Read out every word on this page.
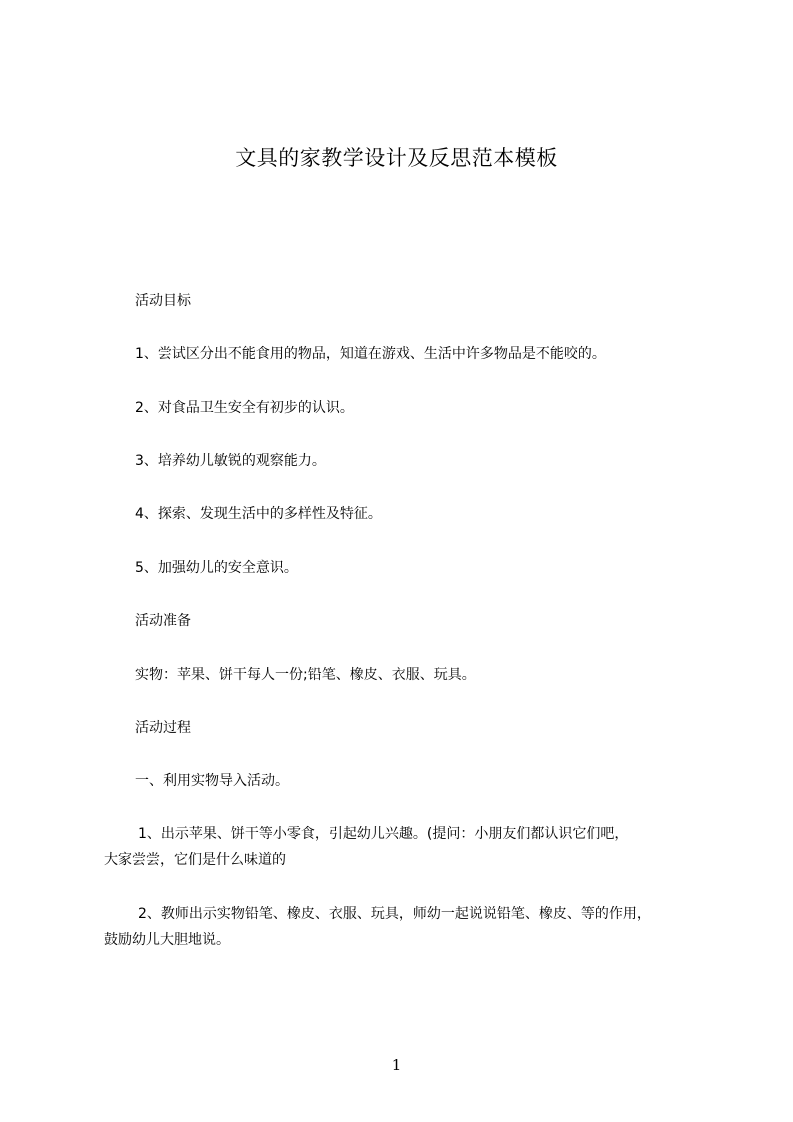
文具的家教学设计及反思范本模板
活动目标
1、尝试区分出不能食用的物品，知道在游戏、生活中许多物品是不能咬的。
2、对食品卫生安全有初步的认识。
3、培养幼儿敏锐的观察能力。
4、探索、发现生活中的多样性及特征。
5、加强幼儿的安全意识。
活动准备
实物：苹果、饼干每人一份;铅笔、橡皮、衣服、玩具。
活动过程
一、利用实物导入活动。
1、出示苹果、饼干等小零食，引起幼儿兴趣。(提问：小朋友们都认识它们吧，
大家尝尝，它们是什么味道的
2、教师出示实物铅笔、橡皮、衣服、玩具，师幼一起说说铅笔、橡皮、等的作用，
鼓励幼儿大胆地说。
1
